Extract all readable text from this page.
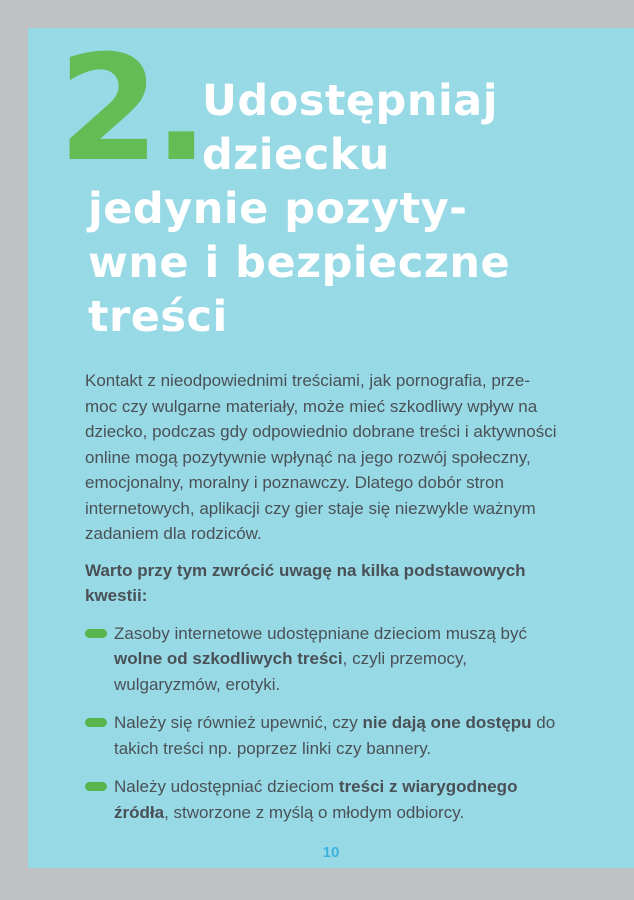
2.
Udostępniaj
dziecku
jedynie pozyty-
wne i bezpieczne
treści
Kontakt z nieodpowiednimi treściami, jak pornografia, prze-
moc czy wulgarne materiały, może mieć szkodliwy wpływ na
dziecko, podczas gdy odpowiednio dobrane treści i aktywności
online mogą pozytywnie wpłynąć na jego rozwój społeczny,
emocjonalny, moralny i poznawczy. Dlatego dobór stron
internetowych, aplikacji czy gier staje się niezwykle ważnym
zadaniem dla rodziców.
Warto przy tym zwrócić uwagę na kilka podstawowych kwestii:
Zasoby internetowe udostępniane dzieciom muszą być wolne od szkodliwych treści, czyli przemocy, wulgaryzmów, erotyki.
Należy się również upewnić, czy nie dają one dostępu do takich treści np. poprzez linki czy bannery.
Należy udostępniać dzieciom treści z wiarygodnego źródła, stworzone z myślą o młodym odbiorcy.
10
